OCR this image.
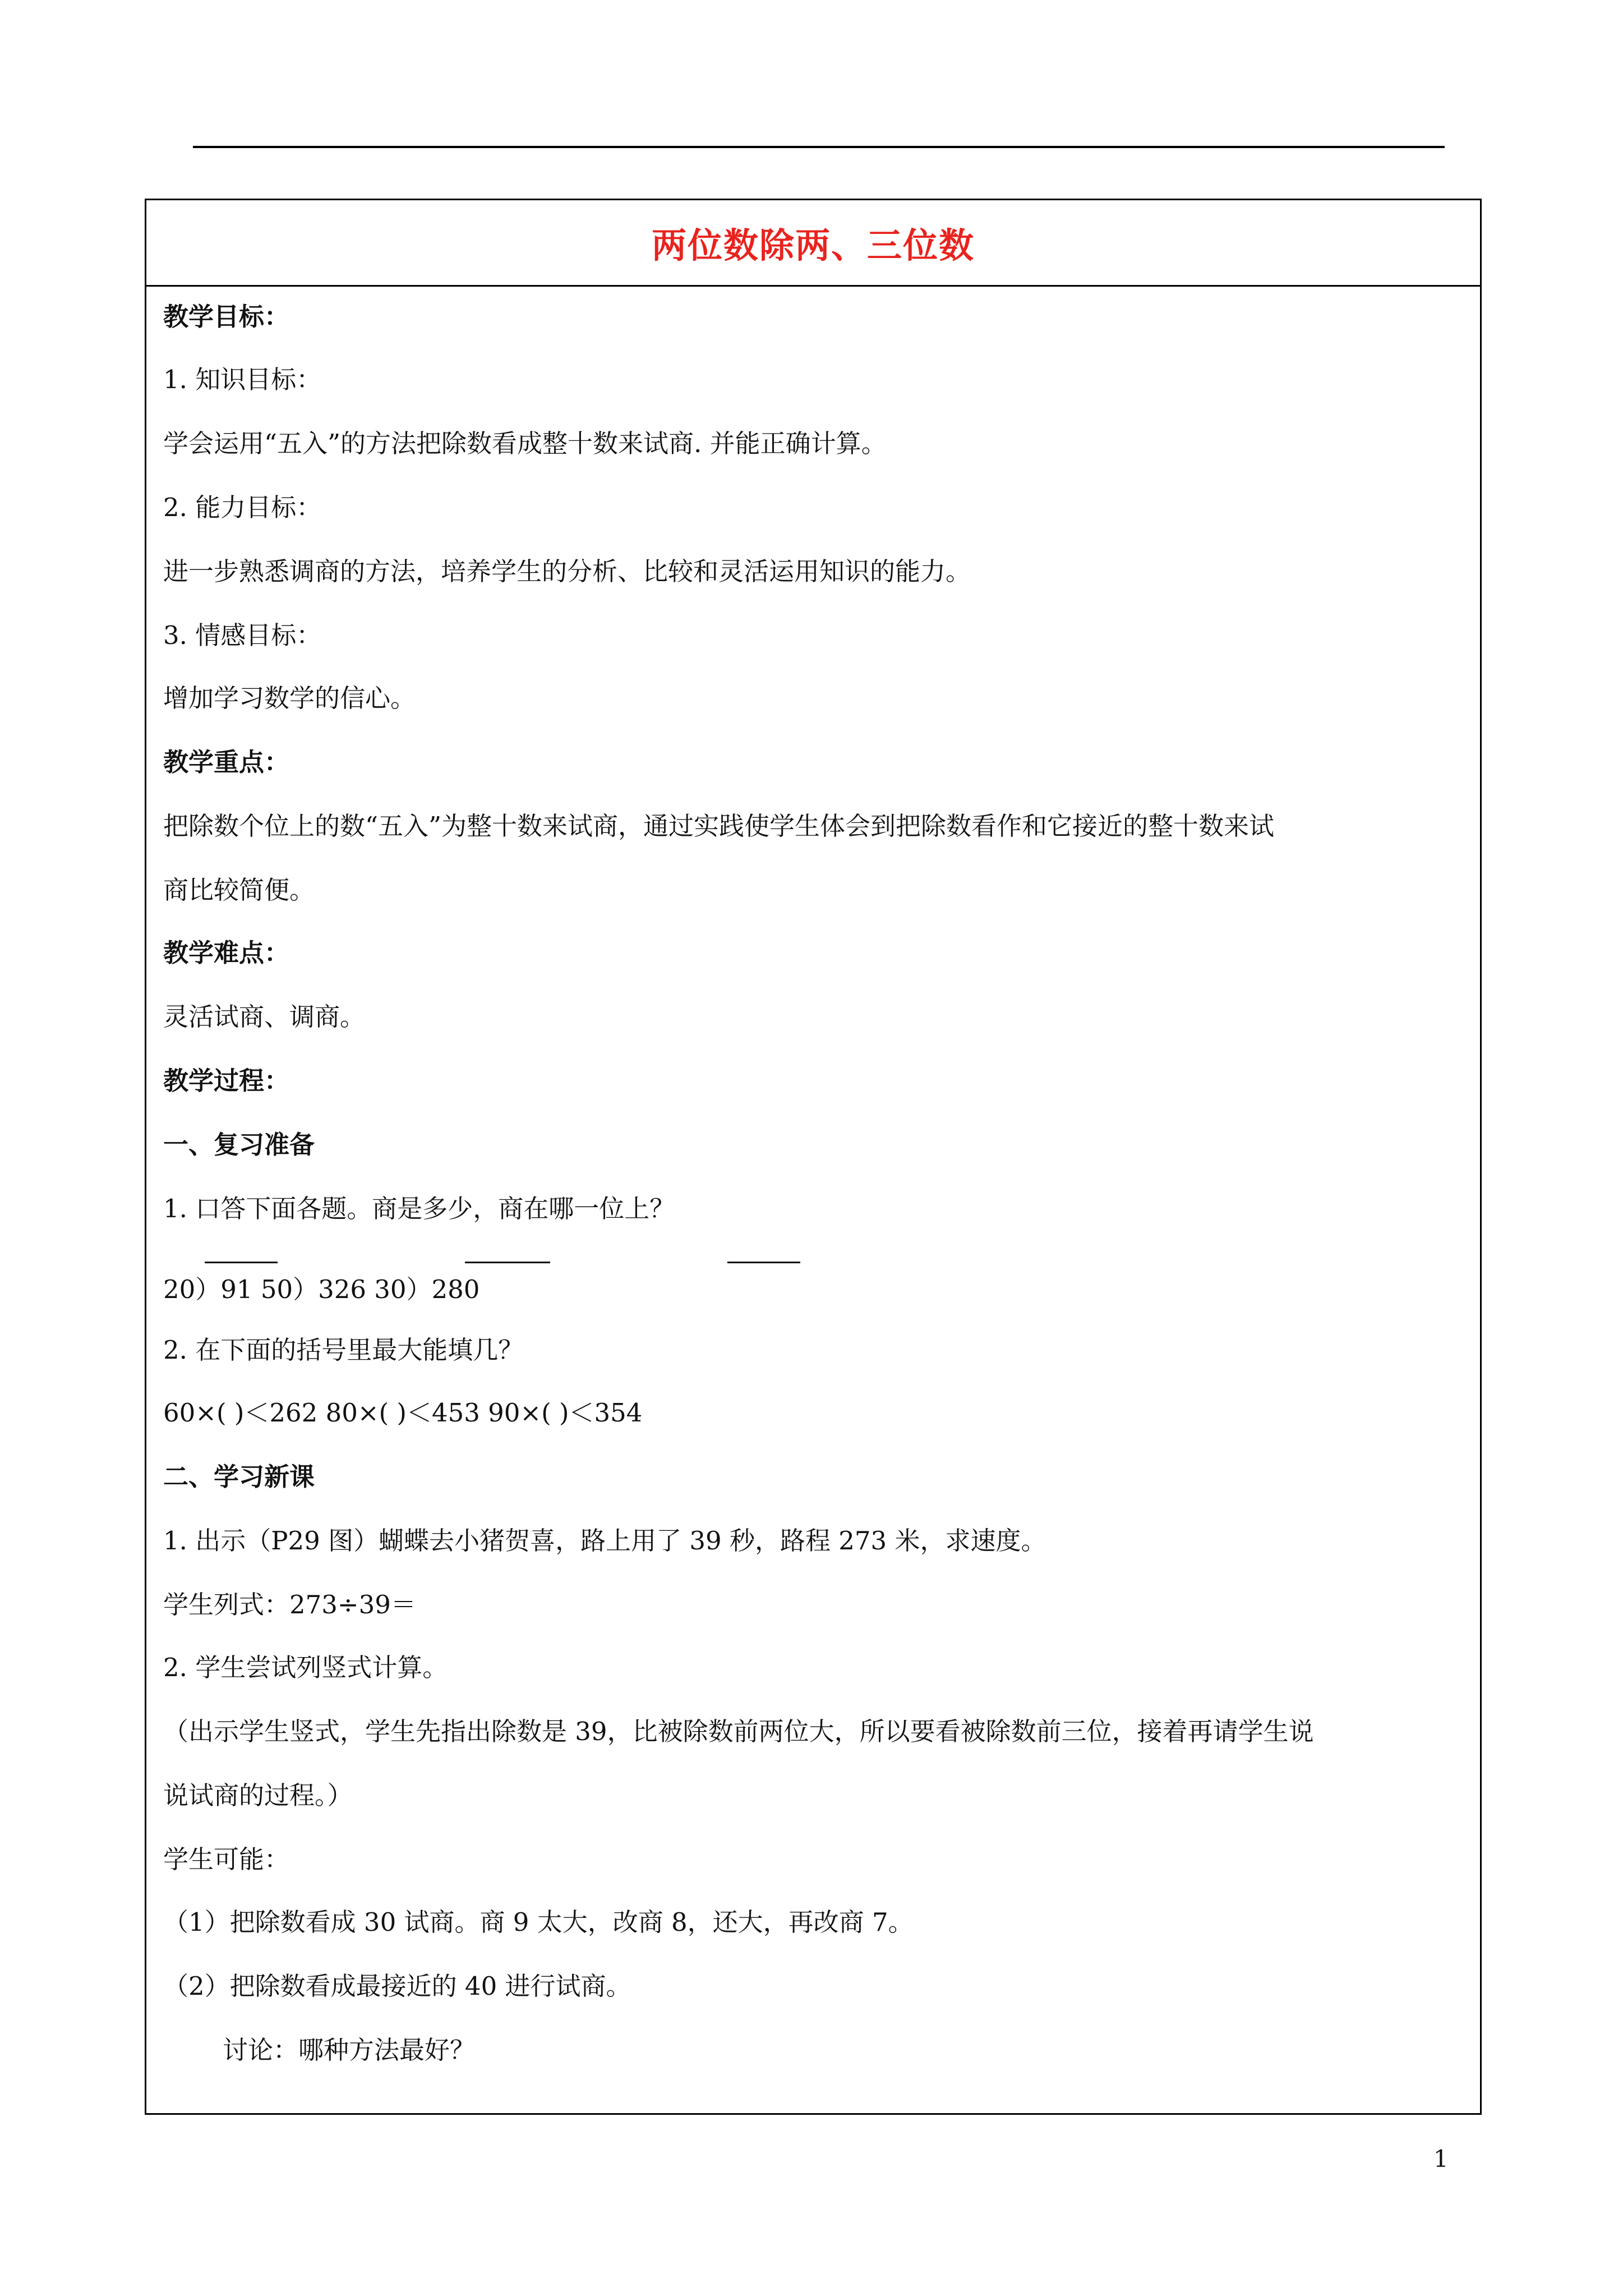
两位数除两、三位数
教学目标：
1. 知识目标：
学会运用“五入”的方法把除数看成整十数来试商. 并能正确计算。
2. 能力目标：
进一步熟悉调商的方法，培养学生的分析、比较和灵活运用知识的能力。
3. 情感目标：
增加学习数学的信心。
教学重点：
把除数个位上的数“五入”为整十数来试商，通过实践使学生体会到把除数看作和它接近的整十数来试
商比较简便。
教学难点：
灵活试商、调商。
教学过程：
一、复习准备
1. 口答下面各题。商是多少，商在哪一位上？
20）91 50）326 30）280
2. 在下面的括号里最大能填几？
60×( )＜262 80×( )＜453 90×( )＜354
二、学习新课
1. 出示（P29 图）蝴蝶去小猪贺喜，路上用了 39 秒，路程 273 米，求速度。
学生列式：273÷39＝
2. 学生尝试列竖式计算。
（出示学生竖式，学生先指出除数是 39，比被除数前两位大，所以要看被除数前三位，接着再请学生说
说试商的过程。）
学生可能：
（1）把除数看成 30 试商。商 9 太大，改商 8，还大，再改商 7。
（2）把除数看成最接近的 40 进行试商。
讨论：哪种方法最好？
1
